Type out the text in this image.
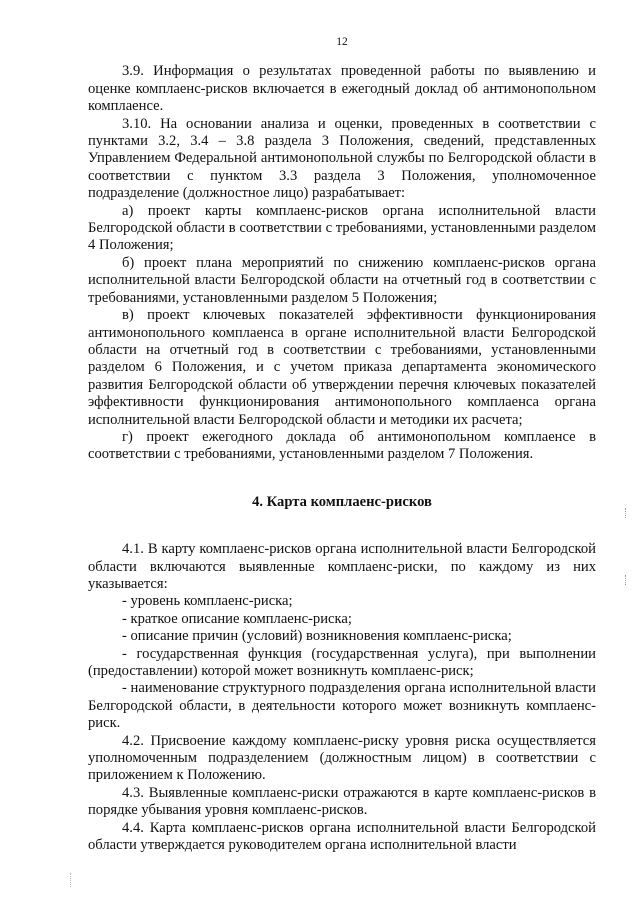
12

3.9. Информация о результатах проведенной работы по выявлению и оценке комплаенс-рисков включается в ежегодный доклад об антимонопольном комплаенсе.

3.10. На основании анализа и оценки, проведенных в соответствии с пунктами 3.2, 3.4 – 3.8 раздела 3 Положения, сведений, представленных Управлением Федеральной антимонопольной службы по Белгородской области в соответствии с пунктом 3.3 раздела 3 Положения, уполномоченное подразделение (должностное лицо) разрабатывает:

а) проект карты комплаенс-рисков органа исполнительной власти Белгородской области в соответствии с требованиями, установленными разделом 4 Положения;

б) проект плана мероприятий по снижению комплаенс-рисков органа исполнительной власти Белгородской области на отчетный год в соответствии с требованиями, установленными разделом 5 Положения;

в) проект ключевых показателей эффективности функционирования антимонопольного комплаенса в органе исполнительной власти Белгородской области на отчетный год в соответствии с требованиями, установленными разделом 6 Положения, и с учетом приказа департамента экономического развития Белгородской области об утверждении перечня ключевых показателей эффективности функционирования антимонопольного комплаенса органа исполнительной власти Белгородской области и методики их расчета;

г) проект ежегодного доклада об антимонопольном комплаенсе в соответствии с требованиями, установленными разделом 7 Положения.

4. Карта комплаенс-рисков

4.1. В карту комплаенс-рисков органа исполнительной власти Белгородской области включаются выявленные комплаенс-риски, по каждому из них указывается:

- уровень комплаенс-риска;

- краткое описание комплаенс-риска;

- описание причин (условий) возникновения комплаенс-риска;

- государственная функция (государственная услуга), при выполнении (предоставлении) которой может возникнуть комплаенс-риск;

- наименование структурного подразделения органа исполнительной власти Белгородской области, в деятельности которого может возникнуть комплаенс-риск.

4.2. Присвоение каждому комплаенс-риску уровня риска осуществляется уполномоченным подразделением (должностным лицом) в соответствии с приложением к Положению.

4.3. Выявленные комплаенс-риски отражаются в карте комплаенс-рисков в порядке убывания уровня комплаенс-рисков.

4.4. Карта комплаенс-рисков органа исполнительной власти Белгородской области утверждается руководителем органа исполнительной власти
